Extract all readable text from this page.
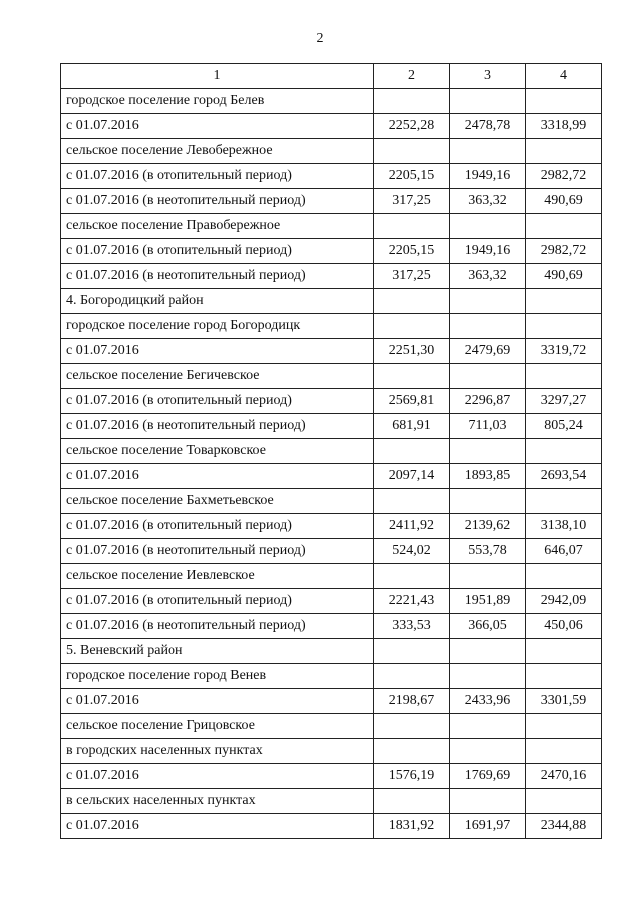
2
1	2	3	4
городское поселение город Белев			
с 01.07.2016	2252,28	2478,78	3318,99
сельское поселение Левобережное			
с 01.07.2016 (в отопительный период)	2205,15	1949,16	2982,72
с 01.07.2016 (в неотопительный период)	317,25	363,32	490,69
сельское поселение Правобережное			
с 01.07.2016 (в отопительный период)	2205,15	1949,16	2982,72
с 01.07.2016 (в неотопительный период)	317,25	363,32	490,69
4. Богородицкий район			
городское поселение город Богородицк			
с 01.07.2016	2251,30	2479,69	3319,72
сельское поселение Бегичевское			
с 01.07.2016 (в отопительный период)	2569,81	2296,87	3297,27
с 01.07.2016 (в неотопительный период)	681,91	711,03	805,24
сельское поселение Товарковское			
с 01.07.2016	2097,14	1893,85	2693,54
сельское поселение Бахметьевское			
с 01.07.2016 (в отопительный период)	2411,92	2139,62	3138,10
с 01.07.2016 (в неотопительный период)	524,02	553,78	646,07
сельское поселение Иевлевское			
с 01.07.2016 (в отопительный период)	2221,43	1951,89	2942,09
с 01.07.2016 (в неотопительный период)	333,53	366,05	450,06
5. Веневский район			
городское поселение город Венев			
с 01.07.2016	2198,67	2433,96	3301,59
сельское поселение Грицовское			
в городских населенных пунктах			
с 01.07.2016	1576,19	1769,69	2470,16
в сельских населенных пунктах			
с 01.07.2016	1831,92	1691,97	2344,88
